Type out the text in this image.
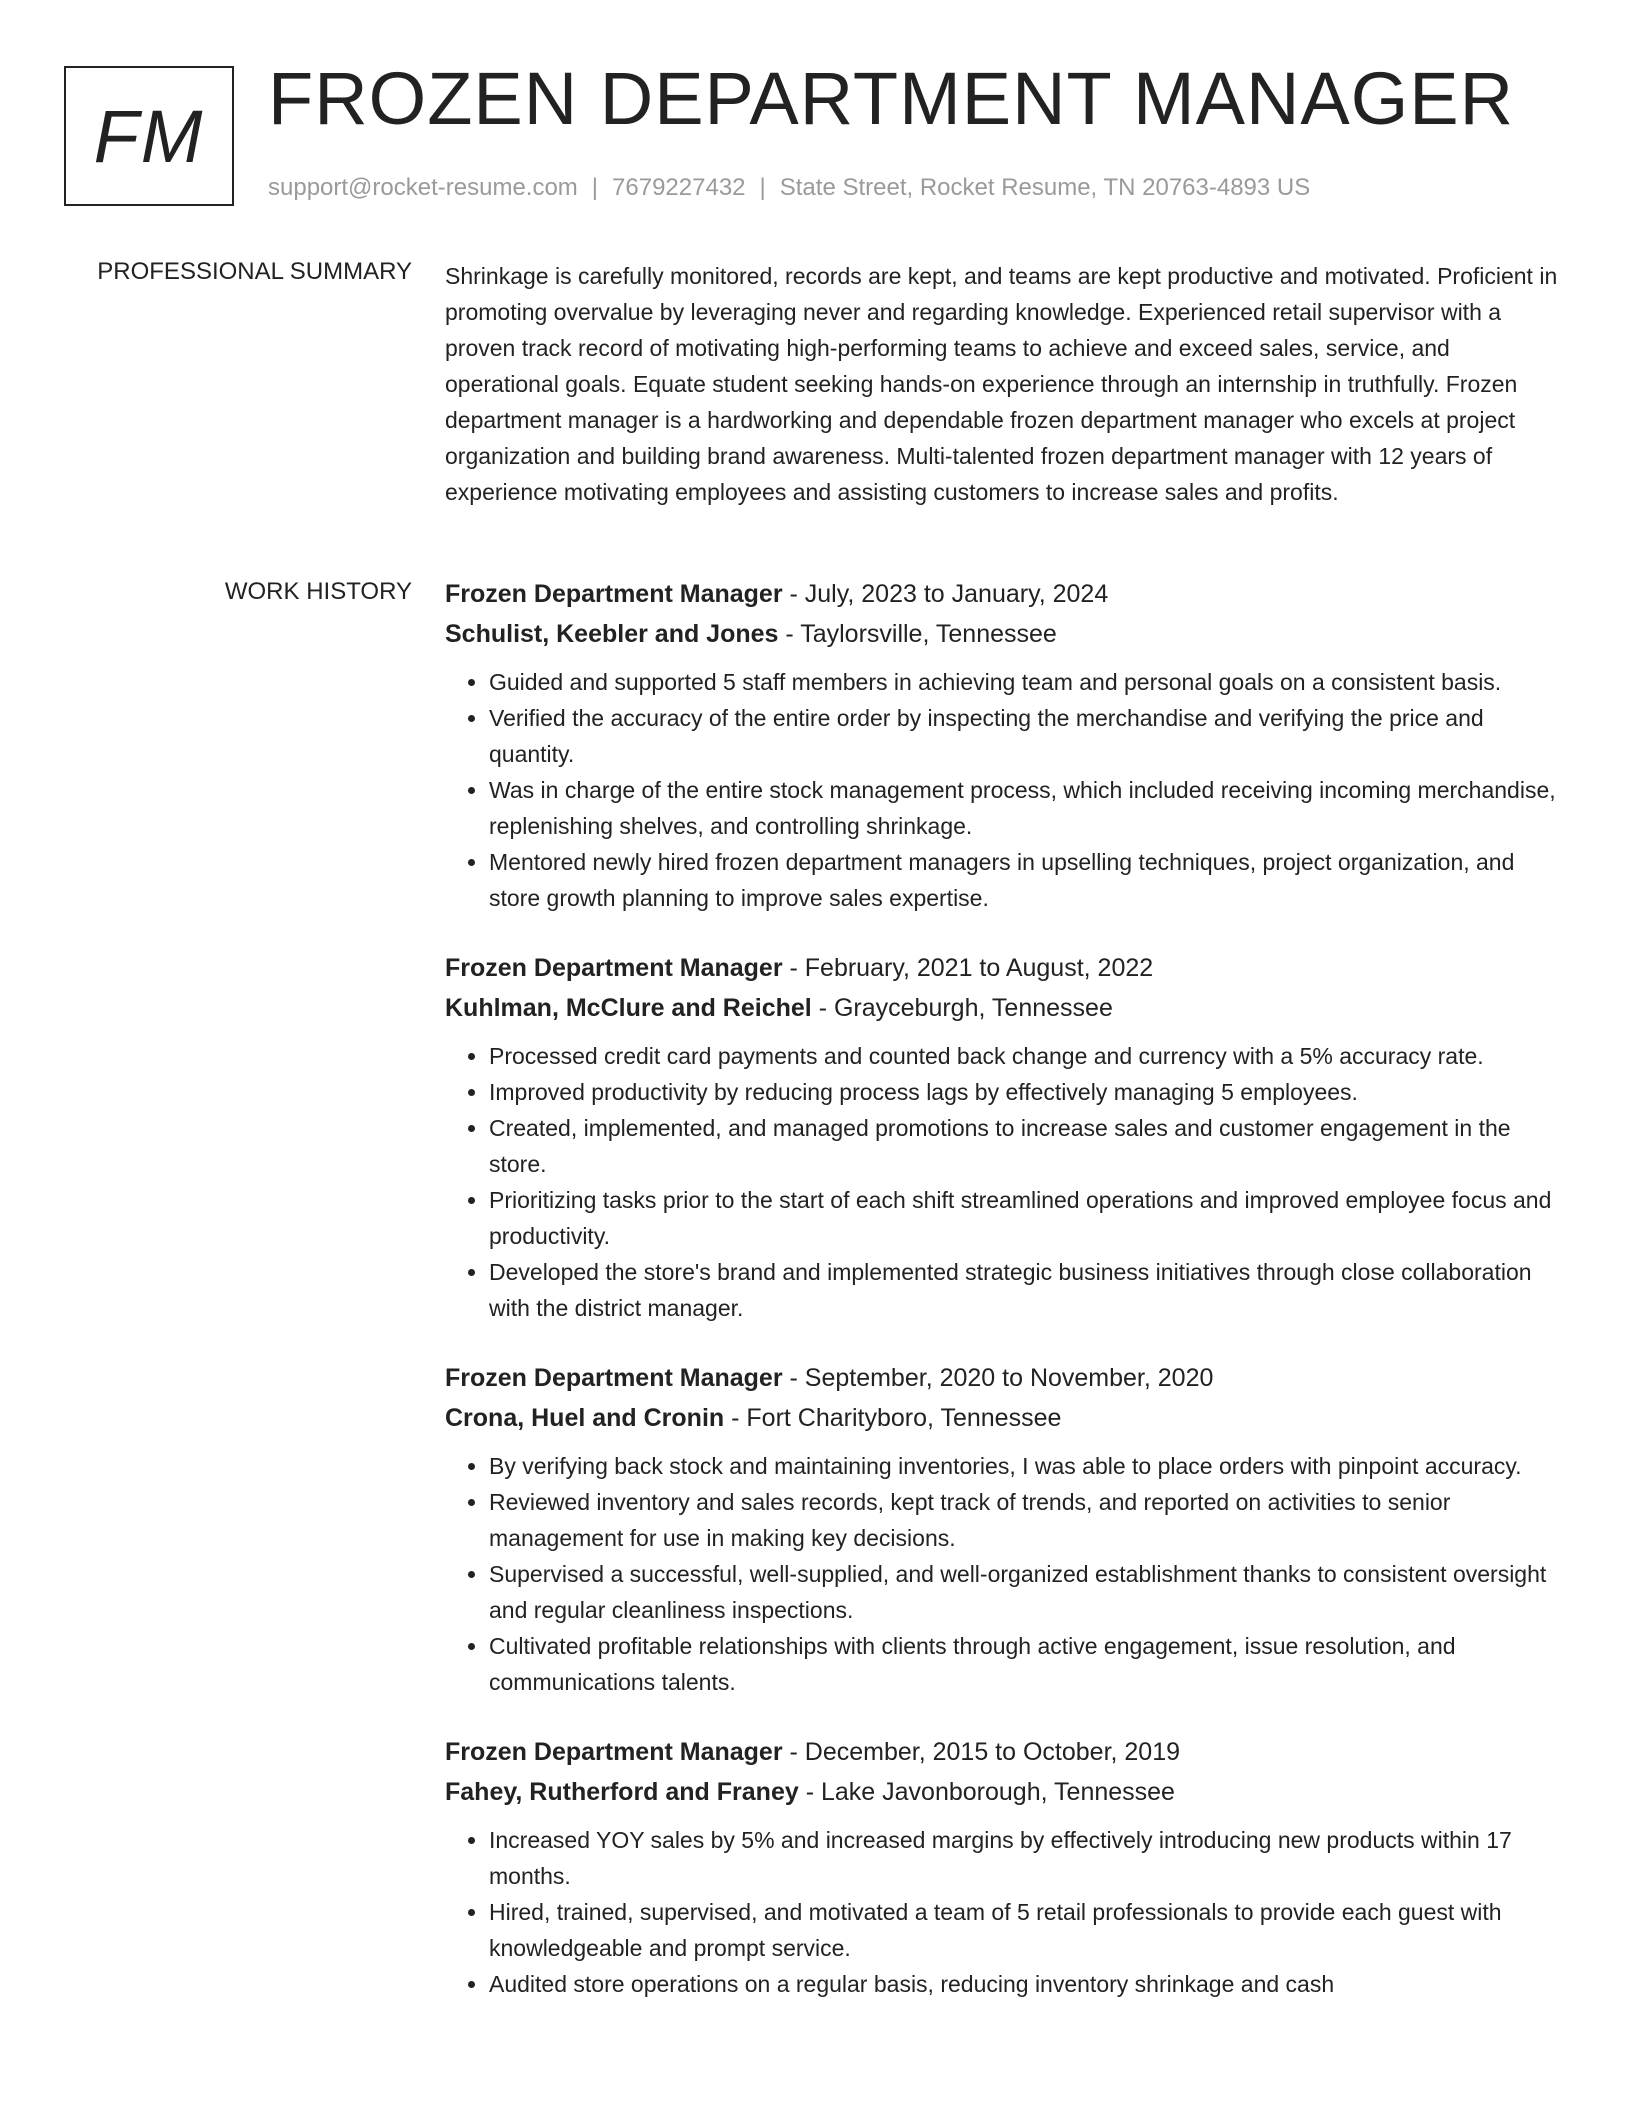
FM FROZEN DEPARTMENT MANAGER
support@rocket-resume.com | 7679227432 | State Street, Rocket Resume, TN 20763-4893 US
PROFESSIONAL SUMMARY Shrinkage is carefully monitored, records are kept, and teams are kept productive and motivated. Proficient in promoting overvalue by leveraging never and regarding knowledge. Experienced retail supervisor with a proven track record of motivating high-performing teams to achieve and exceed sales, service, and operational goals. Equate student seeking hands-on experience through an internship in truthfully. Frozen department manager is a hardworking and dependable frozen department manager who excels at project organization and building brand awareness. Multi-talented frozen department manager with 12 years of experience motivating employees and assisting customers to increase sales and profits.
WORK HISTORY Frozen Department Manager - July, 2023 to January, 2024
Schulist, Keebler and Jones - Taylorsville, Tennessee
• Guided and supported 5 staff members in achieving team and personal goals on a consistent basis.
• Verified the accuracy of the entire order by inspecting the merchandise and verifying the price and quantity.
• Was in charge of the entire stock management process, which included receiving incoming merchandise, replenishing shelves, and controlling shrinkage.
• Mentored newly hired frozen department managers in upselling techniques, project organization, and store growth planning to improve sales expertise.
Frozen Department Manager - February, 2021 to August, 2022
Kuhlman, McClure and Reichel - Grayceburgh, Tennessee
• Processed credit card payments and counted back change and currency with a 5% accuracy rate.
• Improved productivity by reducing process lags by effectively managing 5 employees.
• Created, implemented, and managed promotions to increase sales and customer engagement in the store.
• Prioritizing tasks prior to the start of each shift streamlined operations and improved employee focus and productivity.
• Developed the store's brand and implemented strategic business initiatives through close collaboration with the district manager.
Frozen Department Manager - September, 2020 to November, 2020
Crona, Huel and Cronin - Fort Charityboro, Tennessee
• By verifying back stock and maintaining inventories, I was able to place orders with pinpoint accuracy.
• Reviewed inventory and sales records, kept track of trends, and reported on activities to senior management for use in making key decisions.
• Supervised a successful, well-supplied, and well-organized establishment thanks to consistent oversight and regular cleanliness inspections.
• Cultivated profitable relationships with clients through active engagement, issue resolution, and communications talents.
Frozen Department Manager - December, 2015 to October, 2019
Fahey, Rutherford and Franey - Lake Javonborough, Tennessee
• Increased YOY sales by 5% and increased margins by effectively introducing new products within 17 months.
• Hired, trained, supervised, and motivated a team of 5 retail professionals to provide each guest with knowledgeable and prompt service.
• Audited store operations on a regular basis, reducing inventory shrinkage and cash
